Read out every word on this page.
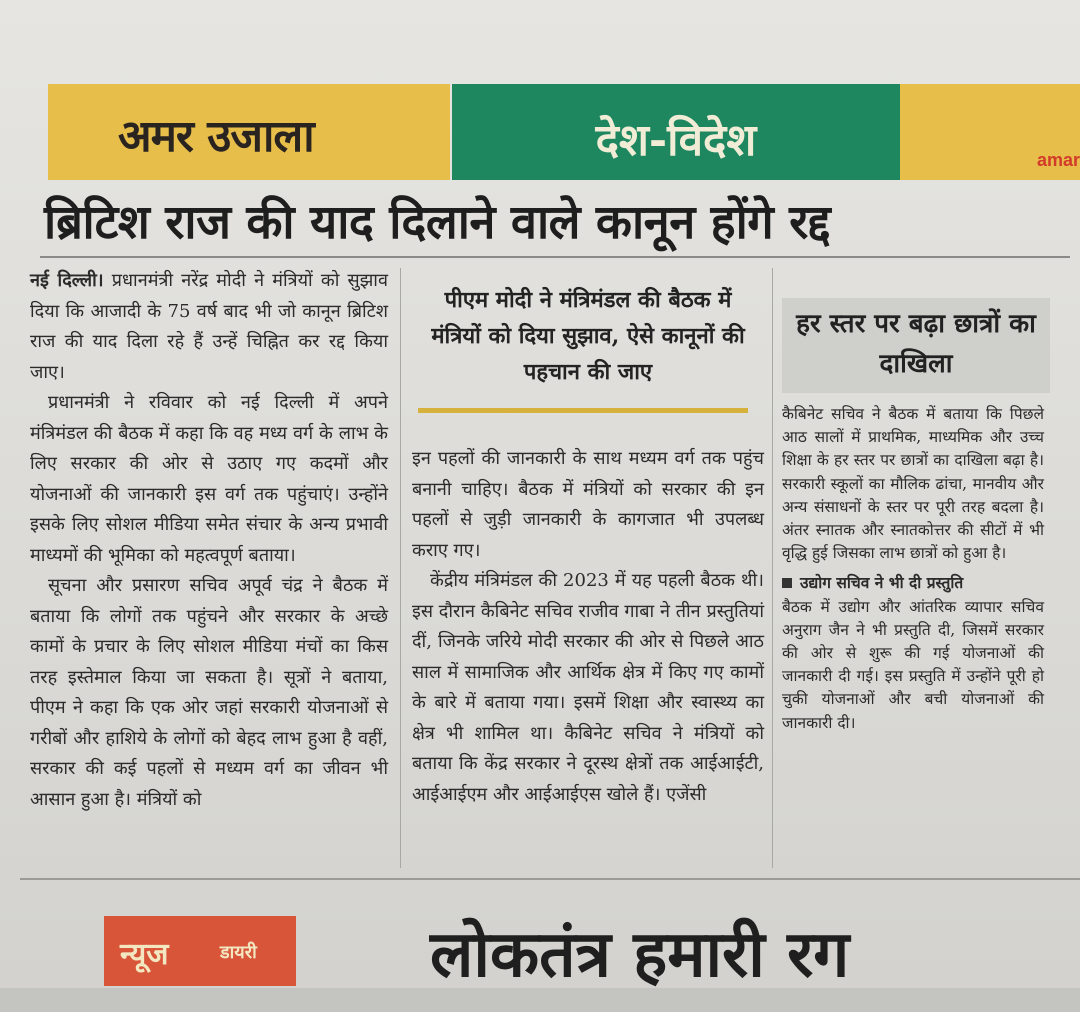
अमर उजाला	देश-विदेश	amar
ब्रिटिश राज की याद दिलाने वाले कानून होंगे रद्द

नई दिल्ली। प्रधानमंत्री नरेंद्र मोदी ने मंत्रियों को सुझाव दिया कि आजादी के 75 वर्ष बाद भी जो कानून ब्रिटिश राज की याद दिला रहे हैं उन्हें चिह्नित कर रद्द किया जाए।

प्रधानमंत्री ने रविवार को नई दिल्ली में अपने मंत्रिमंडल की बैठक में कहा कि वह मध्य वर्ग के लाभ के लिए सरकार की ओर से उठाए गए कदमों और योजनाओं की जानकारी इस वर्ग तक पहुंचाएं। उन्होंने इसके लिए सोशल मीडिया समेत संचार के अन्य प्रभावी माध्यमों की भूमिका को महत्वपूर्ण बताया।

सूचना और प्रसारण सचिव अपूर्व चंद्र ने बैठक में बताया कि लोगों तक पहुंचने और सरकार के अच्छे कामों के प्रचार के लिए सोशल मीडिया मंचों का किस तरह इस्तेमाल किया जा सकता है। सूत्रों ने बताया, पीएम ने कहा कि एक ओर जहां सरकारी योजनाओं से गरीबों और हाशिये के लोगों को बेहद लाभ हुआ है वहीं, सरकार की कई पहलों से मध्यम वर्ग का जीवन भी आसान हुआ है। मंत्रियों को

पीएम मोदी ने मंत्रिमंडल की बैठक में मंत्रियों को दिया सुझाव, ऐसे कानूनों की पहचान की जाए

इन पहलों की जानकारी के साथ मध्यम वर्ग तक पहुंच बनानी चाहिए। बैठक में मंत्रियों को सरकार की इन पहलों से जुड़ी जानकारी के कागजात भी उपलब्ध कराए गए।

केंद्रीय मंत्रिमंडल की 2023 में यह पहली बैठक थी। इस दौरान कैबिनेट सचिव राजीव गाबा ने तीन प्रस्तुतियां दीं, जिनके जरिये मोदी सरकार की ओर से पिछले आठ साल में सामाजिक और आर्थिक क्षेत्र में किए गए कामों के बारे में बताया गया। इसमें शिक्षा और स्वास्थ्य का क्षेत्र भी शामिल था। कैबिनेट सचिव ने मंत्रियों को बताया कि केंद्र सरकार ने दूरस्थ क्षेत्रों तक आईआईटी, आईआईएम और आईआईएस खोले हैं। एजेंसी

हर स्तर पर बढ़ा छात्रों का दाखिला

कैबिनेट सचिव ने बैठक में बताया कि पिछले आठ सालों में प्राथमिक, माध्यमिक और उच्च शिक्षा के हर स्तर पर छात्रों का दाखिला बढ़ा है। सरकारी स्कूलों का मौलिक ढांचा, मानवीय और अन्य संसाधनों के स्तर पर पूरी तरह बदला है। अंतर स्नातक और स्नातकोत्तर की सीटों में भी वृद्धि हुई जिसका लाभ छात्रों को हुआ है।

उद्योग सचिव ने भी दी प्रस्तुति

बैठक में उद्योग और आंतरिक व्यापार सचिव अनुराग जैन ने भी प्रस्तुति दी, जिसमें सरकार की ओर से शुरू की गई योजनाओं की जानकारी दी गई। इस प्रस्तुति में उन्होंने पूरी हो चुकी योजनाओं और बची योजनाओं की जानकारी दी।

न्यूज	डायरी	लोकतंत्र हमारी रग
